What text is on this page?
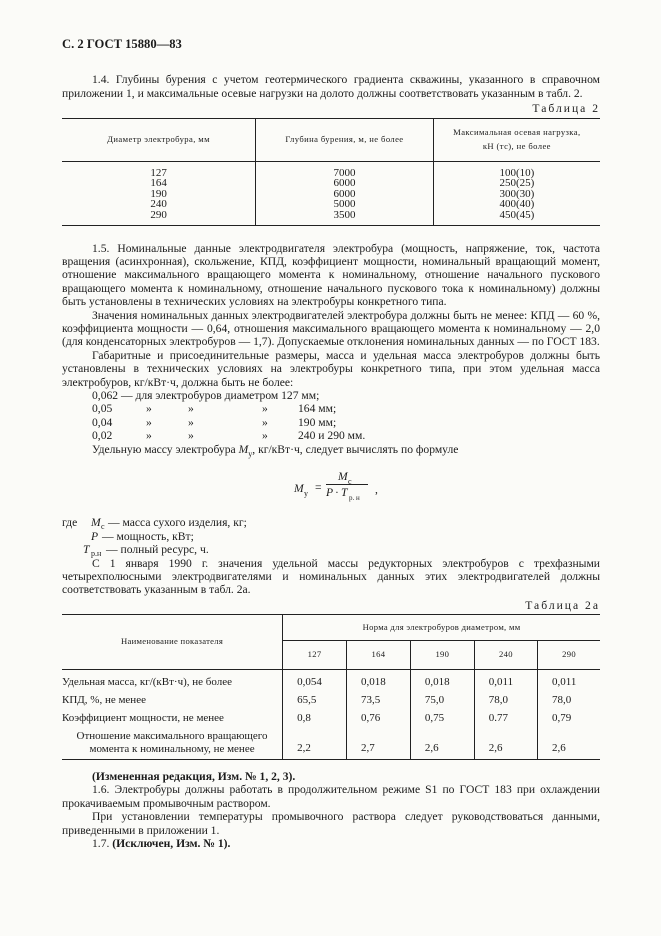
С. 2 ГОСТ 15880—83

1.4. Глубины бурения с учетом геотермического градиента скважины, указанного в справочном приложении 1, и максимальные осевые нагрузки на долото должны соответствовать указанным в табл. 2.

Таблица 2
Диаметр электробура, мм	Глубина бурения, м, не более	Максимальная осевая нагрузка, кН (тс), не более
127	7000	100(10)
164	6000	250(25)
190	6000	300(30)
240	5000	400(40)
290	3500	450(45)

1.5. Номинальные данные электродвигателя электробура (мощность, напряжение, ток, частота вращения (асинхронная), скольжение, КПД, коэффициент мощности, номинальный вращающий момент, отношение максимального вращающего момента к номинальному, отношение начального пускового вращающего момента к номинальному, отношение начального пускового тока к номинальному) должны быть установлены в технических условиях на электробуры конкретного типа.

Значения номинальных данных электродвигателей электробура должны быть не менее: КПД — 60 %, коэффициента мощности — 0,64, отношения максимального вращающего момента к номинальному — 2,0 (для конденсаторных электробуров — 1,7). Допускаемые отклонения номинальных данных — по ГОСТ 183.

Габаритные и присоединительные размеры, масса и удельная масса электробуров должны быть установлены в технических условиях на электробуры конкретного типа, при этом удельная масса электробуров, кг/кВт·ч, должна быть не более:

0,062 — для электробуров диаметром 127 мм;
0,05	»	»	»	164 мм;
0,04	»	»	»	190 мм;
0,02	»	»	»	240 и 290 мм.

Удельную массу электробура $M_у$, кг/кВт·ч, следует вычислять по формуле

M у =
M c
P · T р. н
,
где M c — масса сухого изделия, кг;
P — мощность, кВт;
T р.н — полный ресурс, ч.

С 1 января 1990 г. значения удельной массы редукторных электробуров с трехфазными четырехполюсными электродвигателями и номинальных данных этих электродвигателей должны соответствовать указанным в табл. 2а.

Таблица 2а
Наименование показателя	Норма для электробуров диаметром, мм				
	127	164	190	240	290
Удельная масса, кг/(кВт·ч), не более	0,054	0,018	0,018	0,011	0,011
КПД, %, не менее	65,5	73,5	75,0	78,0	78,0
Коэффициент мощности, не менее	0,8	0,76	0,75	0.77	0,79
Отношение максимального вращающего момента к номинальному, не менее	2,2	2,7	2,6	2,6	2,6

(Измененная редакция, Изм. № 1, 2, 3).

1.6. Электробуры должны работать в продолжительном режиме S1 по ГОСТ 183 при охлаждении прокачиваемым промывочным раствором.

При установлении температуры промывочного раствора следует руководствоваться данными, приведенными в приложении 1.

1.7. (Исключен, Изм. № 1).
